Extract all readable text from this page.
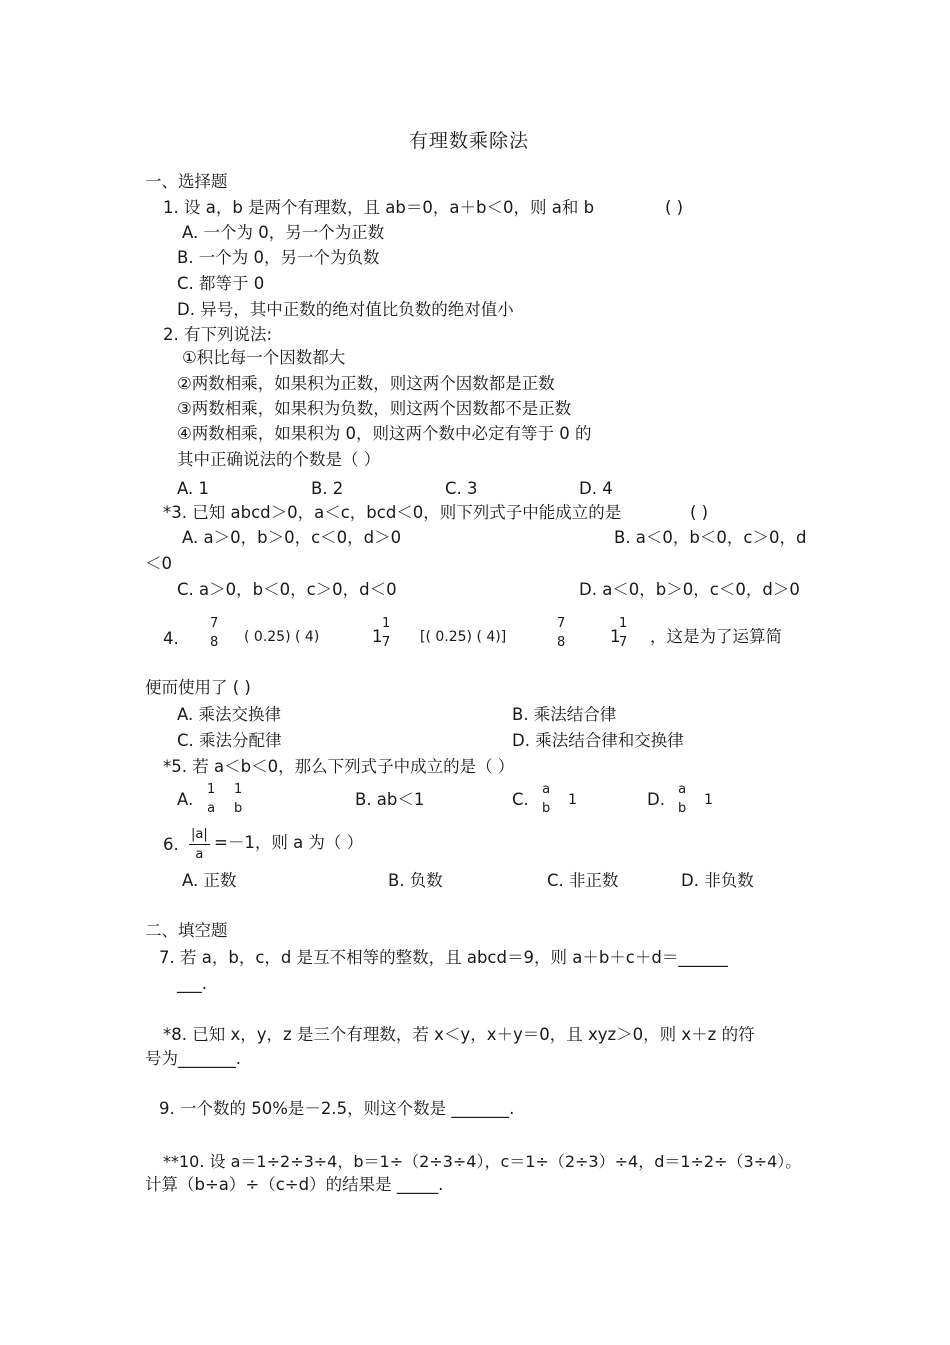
有理数乘除法
一、选择题
1. 设 a，b 是两个有理数，且 ab＝0，a＋b＜0，则 a和 b	( )
A. 一个为 0，另一个为正数
B. 一个为 0，另一个为负数
C. 都等于 0
D. 异号，其中正数的绝对值比负数的绝对值小
2. 有下列说法:
①积比每一个因数都大
②两数相乘，如果积为正数，则这两个因数都是正数
③两数相乘，如果积为负数，则这两个因数都不是正数
④两数相乘，如果积为 0，则这两个数中必定有等于 0 的
其中正确说法的个数是（ ）
A. 1	B. 2	C. 3	D. 4
*3. 已知 abcd＞0，a＜c，bcd＜0，则下列式子中能成立的是	( )
A. a＞0，b＞0，c＜0，d＞0	B. a＜0，b＜0，c＞0，d
＜0
C. a＞0，b＜0，c＞0，d＜0	D. a＜0，b＞0，c＜0，d＞0
4.
7
8 ( 0.25) ( 4)	1
1
7 [( 0.25) ( 4)]
7
8	1
1
7 ，这是为了运算简
便而使用了 ( )
A. 乘法交换律	B. 乘法结合律
C. 乘法分配律	D. 乘法结合律和交换律
*5. 若 a＜b＜0，那么下列式子中成立的是（ ）
A.
1
a
1
b	B. ab＜1	C.
a
b
1	D.
a
b
1
6. $\frac{|a|}{a} =-1$，则 a 为（ ）
A. 正数	B. 负数	C. 非正数	D. 非负数
二、填空题
7. 若 a，b，c，d 是互不相等的整数，且 abcd＝9，则 a＋b＋c＋d＝______
___.
*8. 已知 x，y，z 是三个有理数，若 x＜y，x＋y＝0，且 xyz＞0，则 x＋z 的符
号为_______.
9. 一个数的 50%是－2.5，则这个数是 _______.
**10. 设 a＝1÷2÷3÷4，b＝1÷（2÷3÷4），c＝1÷（2÷3）÷4，d＝1÷2÷（3÷4）。
计算（b÷a）÷（c÷d）的结果是 _____.
